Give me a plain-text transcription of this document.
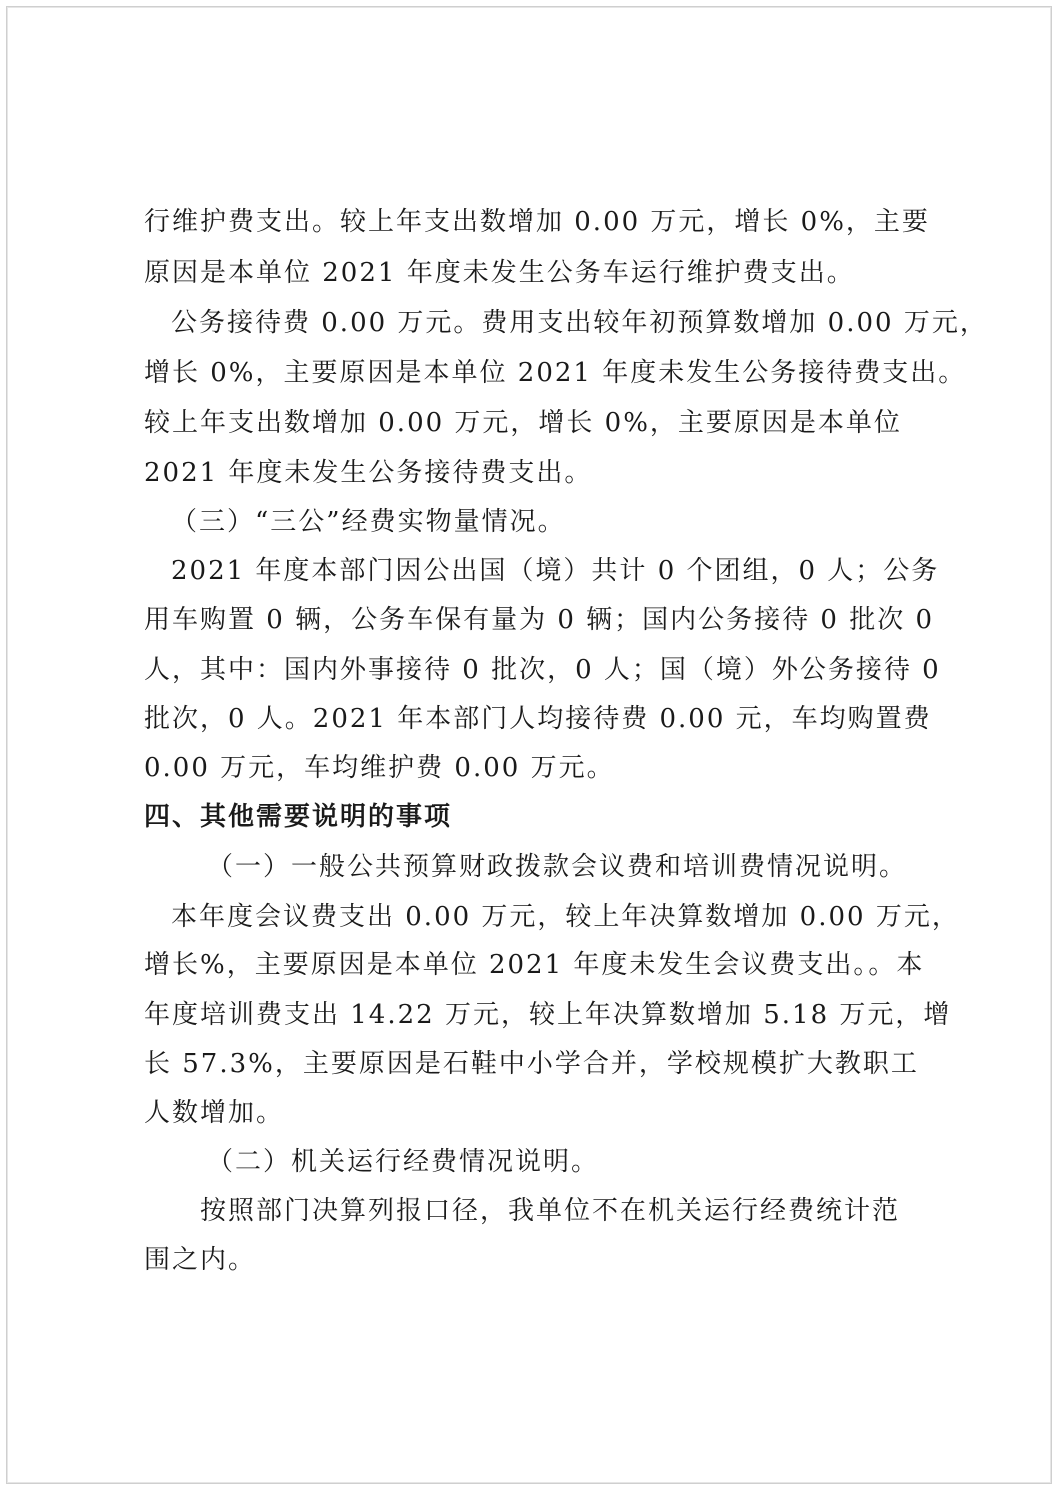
行维护费支出。较上年支出数增加 0.00 万元，增长 0%，主要
原因是本单位 2021 年度未发生公务车运行维护费支出。
公务接待费 0.00 万元。费用支出较年初预算数增加 0.00 万元，
增长 0%，主要原因是本单位 2021 年度未发生公务接待费支出。
较上年支出数增加 0.00 万元，增长 0%，主要原因是本单位
2021 年度未发生公务接待费支出。
（三）“三公”经费实物量情况。
2021 年度本部门因公出国（境）共计 0 个团组，0 人；公务
用车购置 0 辆，公务车保有量为 0 辆；国内公务接待 0 批次 0
人，其中：国内外事接待 0 批次，0 人；国（境）外公务接待 0
批次，0 人。2021 年本部门人均接待费 0.00 元，车均购置费
0.00 万元，车均维护费 0.00 万元。
四、其他需要说明的事项
（一）一般公共预算财政拨款会议费和培训费情况说明。
本年度会议费支出 0.00 万元，较上年决算数增加 0.00 万元，
增长%，主要原因是本单位 2021 年度未发生会议费支出。。本
年度培训费支出 14.22 万元，较上年决算数增加 5.18 万元，增
长 57.3%，主要原因是石鞋中小学合并，学校规模扩大教职工
人数增加。
（二）机关运行经费情况说明。
按照部门决算列报口径，我单位不在机关运行经费统计范
围之内。
